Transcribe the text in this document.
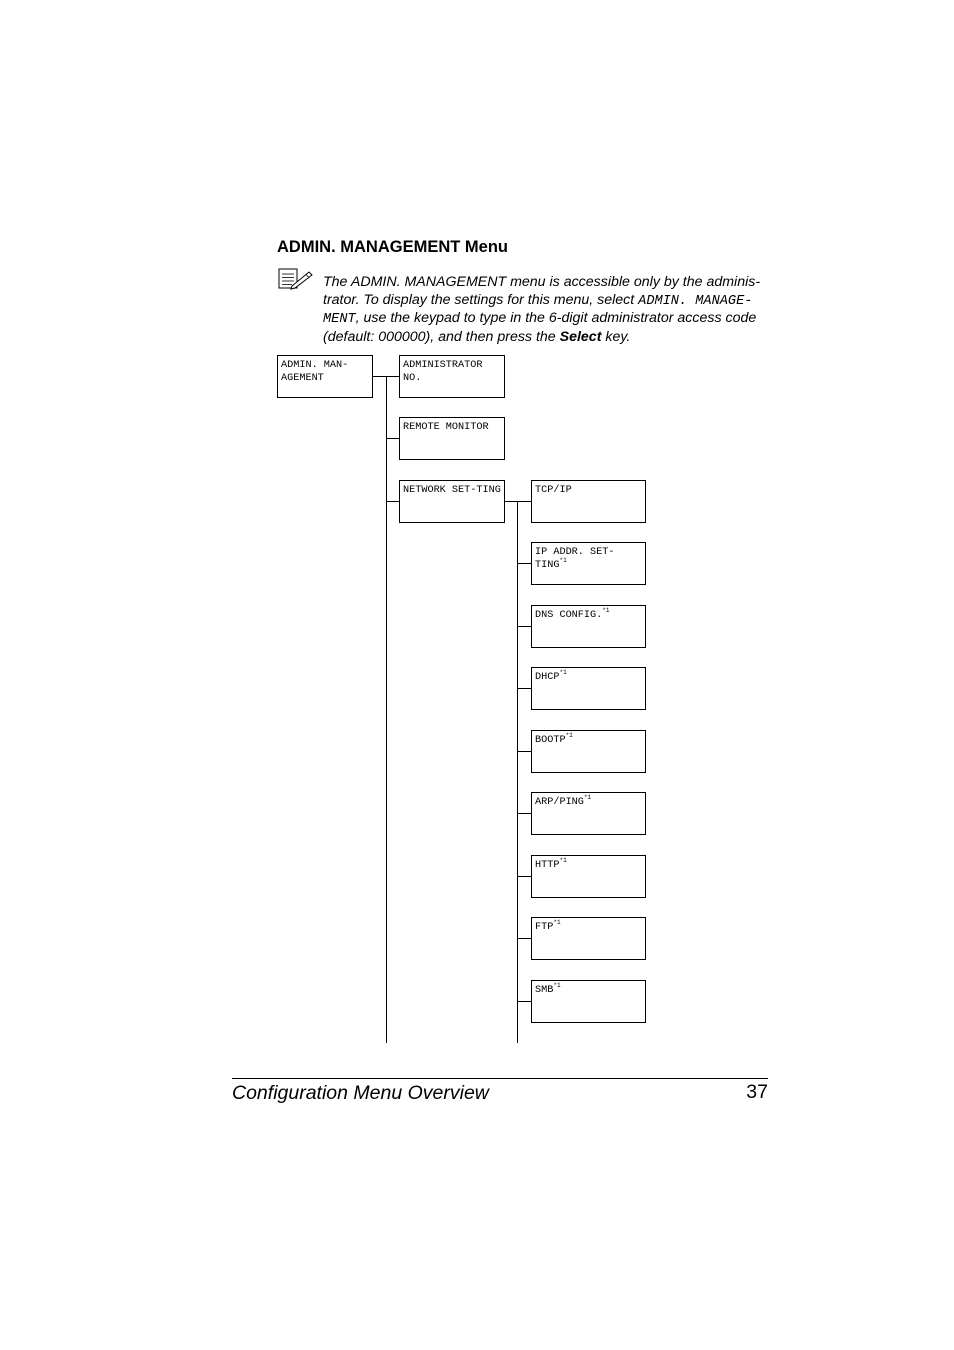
ADMIN. MANAGEMENT Menu
The ADMIN. MANAGEMENT menu is accessible only by the adminis-trator. To display the settings for this menu, select ADMIN. MANAGE-MENT, use the keypad to type in the 6-digit administrator access code (default: 000000), and then press the Select key.
ADMIN. MAN-AGEMENT
ADMINISTRATOR NO.
REMOTE MONITOR
NETWORK SET-TING	TCP/IP
IP ADDR. SET-TING$^{*1}$
DNS CONFIG.$^{*1}$
DHCP$^{*1}$
BOOTP$^{*1}$
ARP/PING$^{*1}$
HTTP$^{*1}$
FTP$^{*1}$
SMB$^{*1}$
Configuration Menu Overview	37
